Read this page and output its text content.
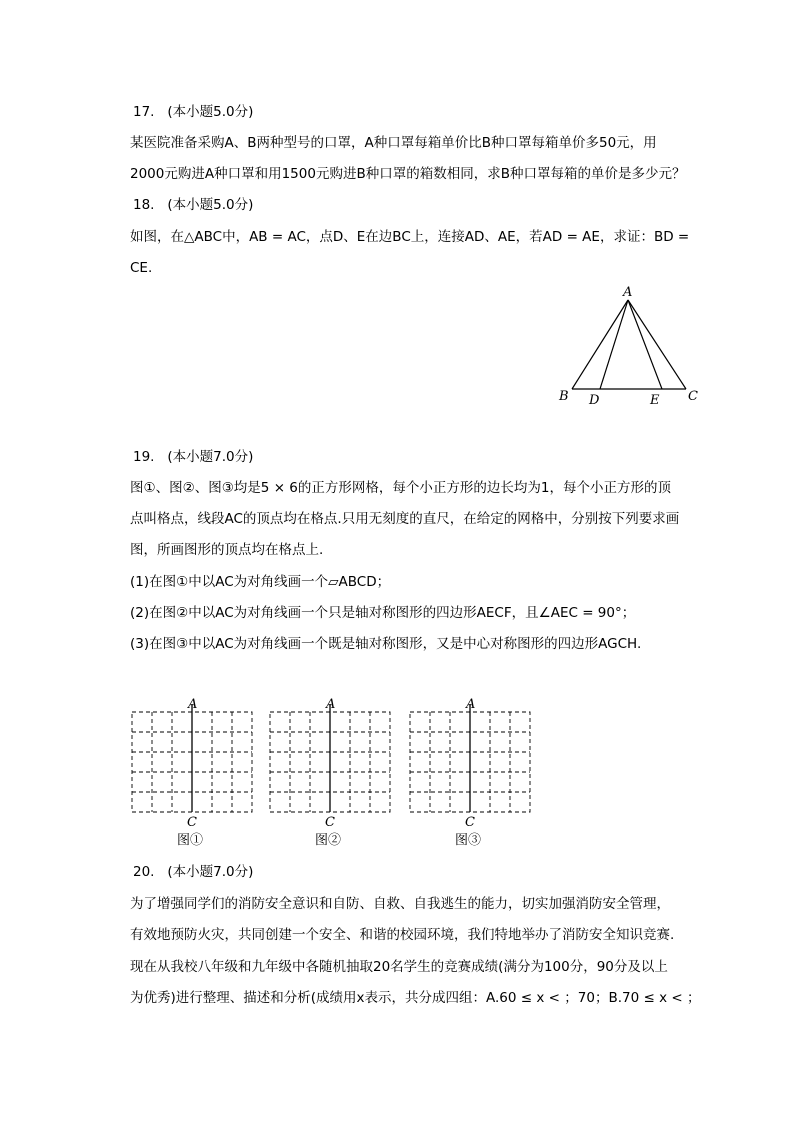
17. (本小题5.0分)
某医院准备采购A、B两种型号的口罩，A种口罩每箱单价比B种口罩每箱单价多50元，用
2000元购进A种口罩和用1500元购进B种口罩的箱数相同，求B种口罩每箱的单价是多少元？
18. (本小题5.0分)
如图，在△ABC中，AB = AC，点D、E在边BC上，连接AD、AE，若AD = AE，求证：BD =
CE.
A
B	C
D	E
19. (本小题7.0分)
图①、图②、图③均是5 × 6的正方形网格，每个小正方形的边长均为1，每个小正方形的顶
点叫格点，线段AC的顶点均在格点.只用无刻度的直尺，在给定的网格中，分别按下列要求画
图，所画图形的顶点均在格点上.
(1)在图①中以AC为对角线画一个▱ABCD；
(2)在图②中以AC为对角线画一个只是轴对称图形的四边形AECF，且∠AEC = 90°；
(3)在图③中以AC为对角线画一个既是轴对称图形，又是中心对称图形的四边形AGCH.
A
C
图①
A
C
图②
A
C
图③
20. (本小题7.0分)
为了增强同学们的消防安全意识和自防、自救、自我逃生的能力，切实加强消防安全管理，
有效地预防火灾，共同创建一个安全、和谐的校园环境，我们特地举办了消防安全知识竞赛.
现在从我校八年级和九年级中各随机抽取20名学生的竞赛成绩(满分为100分，90分及以上
为优秀)进行整理、描述和分析(成绩用x表示，共分成四组：A.60 ≤ x < ；70；B.70 ≤ x < ；
